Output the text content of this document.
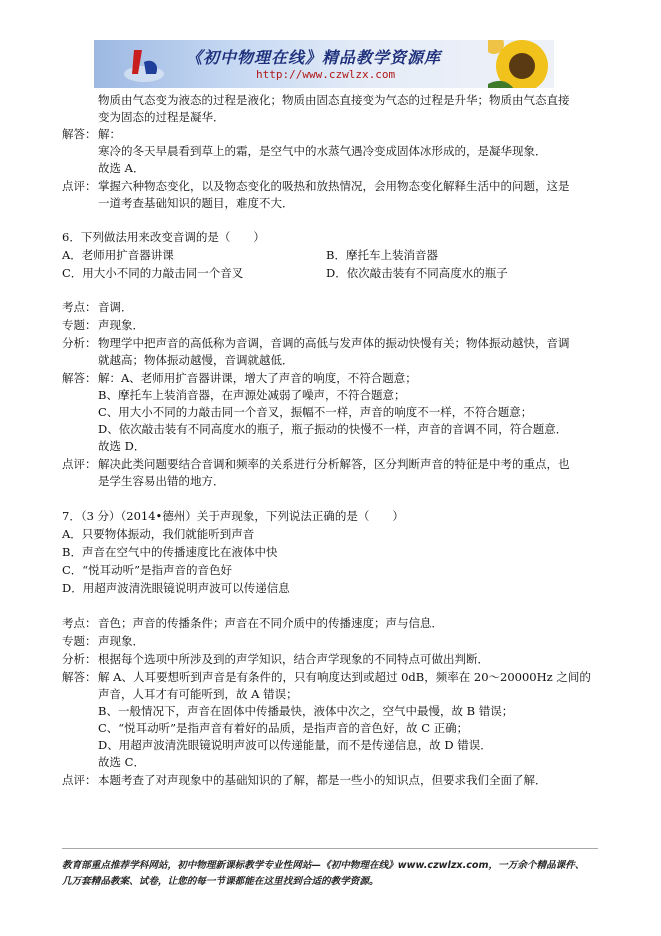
《初中物理在线》精品教学资源库
http://www.czwlzx.com
物质由气态变为液态的过程是液化；物质由固态直接变为气态的过程是升华；物质由气态直接
变为固态的过程是凝华．
解答： 解：
寒冷的冬天早晨看到草上的霜，是空气中的水蒸气遇冷变成固体冰形成的，是凝华现象．
故选 A．
点评： 掌握六种物态变化，以及物态变化的吸热和放热情况，会用物态变化解释生活中的问题，这是
一道考查基础知识的题目，难度不大．
6．下列做法用来改变音调的是（　　）
A．老师用扩音器讲课	B．摩托车上装消音器
C．用大小不同的力敲击同一个音叉	D．依次敲击装有不同高度水的瓶子
考点： 音调．
专题： 声现象．
分析： 物理学中把声音的高低称为音调，音调的高低与发声体的振动快慢有关；物体振动越快，音调
就越高；物体振动越慢，音调就越低．
解答： 解：A、老师用扩音器讲课，增大了声音的响度，不符合题意；
B、摩托车上装消音器，在声源处减弱了噪声，不符合题意；
C、用大小不同的力敲击同一个音叉，振幅不一样，声音的响度不一样，不符合题意；
D、依次敲击装有不同高度水的瓶子，瓶子振动的快慢不一样，声音的音调不同，符合题意．
故选 D．
点评： 解决此类问题要结合音调和频率的关系进行分析解答，区分判断声音的特征是中考的重点，也
是学生容易出错的地方．
7．（3 分）（2014•德州）关于声现象，下列说法正确的是（　　）
A．只要物体振动，我们就能听到声音
B．声音在空气中的传播速度比在液体中快
C．“悦耳动听”是指声音的音色好
D．用超声波清洗眼镜说明声波可以传递信息
考点： 音色；声音的传播条件；声音在不同介质中的传播速度；声与信息．
专题： 声现象．
分析： 根据每个选项中所涉及到的声学知识，结合声学现象的不同特点可做出判断．
解答： 解 A、人耳要想听到声音是有条件的，只有响度达到或超过 0dB，频率在 20～20000Hz 之间的
声音，人耳才有可能听到，故 A 错误；
B、一般情况下，声音在固体中传播最快，液体中次之，空气中最慢，故 B 错误；
C、“悦耳动听”是指声音有着好的品质，是指声音的音色好，故 C 正确；
D、用超声波清洗眼镜说明声波可以传递能量，而不是传递信息，故 D 错误．
故选 C．
点评： 本题考查了对声现象中的基础知识的了解，都是一些小的知识点，但要求我们全面了解．
教育部重点推荐学科网站，初中物理新课标教学专业性网站—《初中物理在线》www.czwlzx.com，一万余个精品课件、
几万套精品教案、试卷，让您的每一节课都能在这里找到合适的教学资源。
